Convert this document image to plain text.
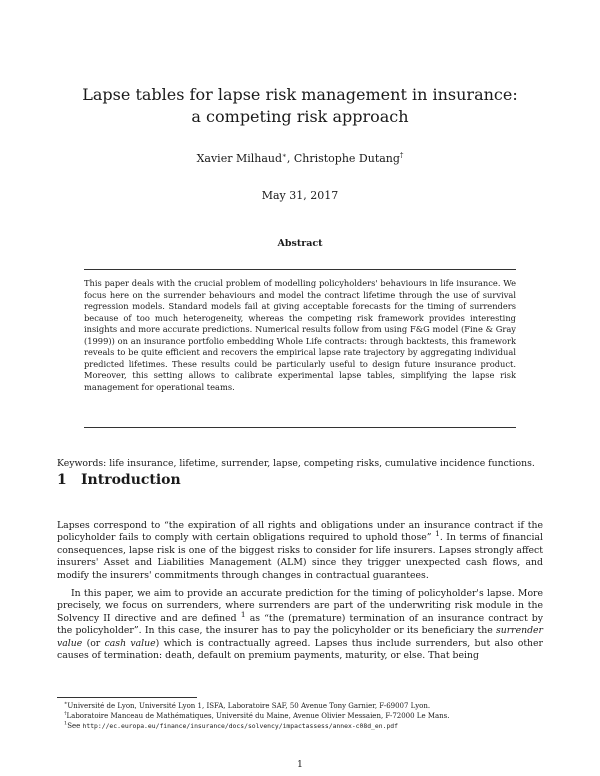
Lapse tables for lapse risk management in insurance:
a competing risk approach
Xavier Milhaud∗, Christophe Dutang†
May 31, 2017
Abstract
This paper deals with the crucial problem of modelling policyholders' behaviours in life insurance. We focus here on the surrender behaviours and model the contract lifetime through the use of survival regression models. Standard models fail at giving acceptable forecasts for the timing of surrenders because of too much heterogeneity, whereas the competing risk framework provides interesting insights and more accurate predictions. Numerical results follow from using F&G model (Fine & Gray (1999)) on an insurance portfolio embedding Whole Life contracts: through backtests, this framework reveals to be quite efficient and recovers the empirical lapse rate trajectory by aggregating individual predicted lifetimes. These results could be particularly useful to design future insurance product. Moreover, this setting allows to calibrate experimental lapse tables, simplifying the lapse risk management for operational teams.
Keywords: life insurance, lifetime, surrender, lapse, competing risks, cumulative incidence functions.
1 Introduction

Lapses correspond to “the expiration of all rights and obligations under an insurance contract if the policyholder fails to comply with certain obligations required to uphold those” $^1$. In terms of financial consequences, lapse risk is one of the biggest risks to consider for life insurers. Lapses strongly affect insurers' Asset and Liabilities Management (ALM) since they trigger unexpected cash flows, and modify the insurers' commitments through changes in contractual guarantees.

In this paper, we aim to provide an accurate prediction for the timing of policyholder's lapse. More precisely, we focus on surrenders, where surrenders are part of the underwriting risk module in the Solvency II directive and are defined $^1$ as “the (premature) termination of an insurance contract by the policyholder”. In this case, the insurer has to pay the policyholder or its beneficiary the surrender value (or cash value) which is contractually agreed. Lapses thus include surrenders, but also other causes of termination: death, default on premium payments, maturity, or else. That being

∗Université de Lyon, Université Lyon 1, ISFA, Laboratoire SAF, 50 Avenue Tony Garnier, F-69007 Lyon.
†Laboratoire Manceau de Mathématiques, Université du Maine, Avenue Olivier Messaien, F-72000 Le Mans.
$^1$See http://ec.europa.eu/finance/insurance/docs/solvency/impactassess/annex-c08d_en.pdf
1
